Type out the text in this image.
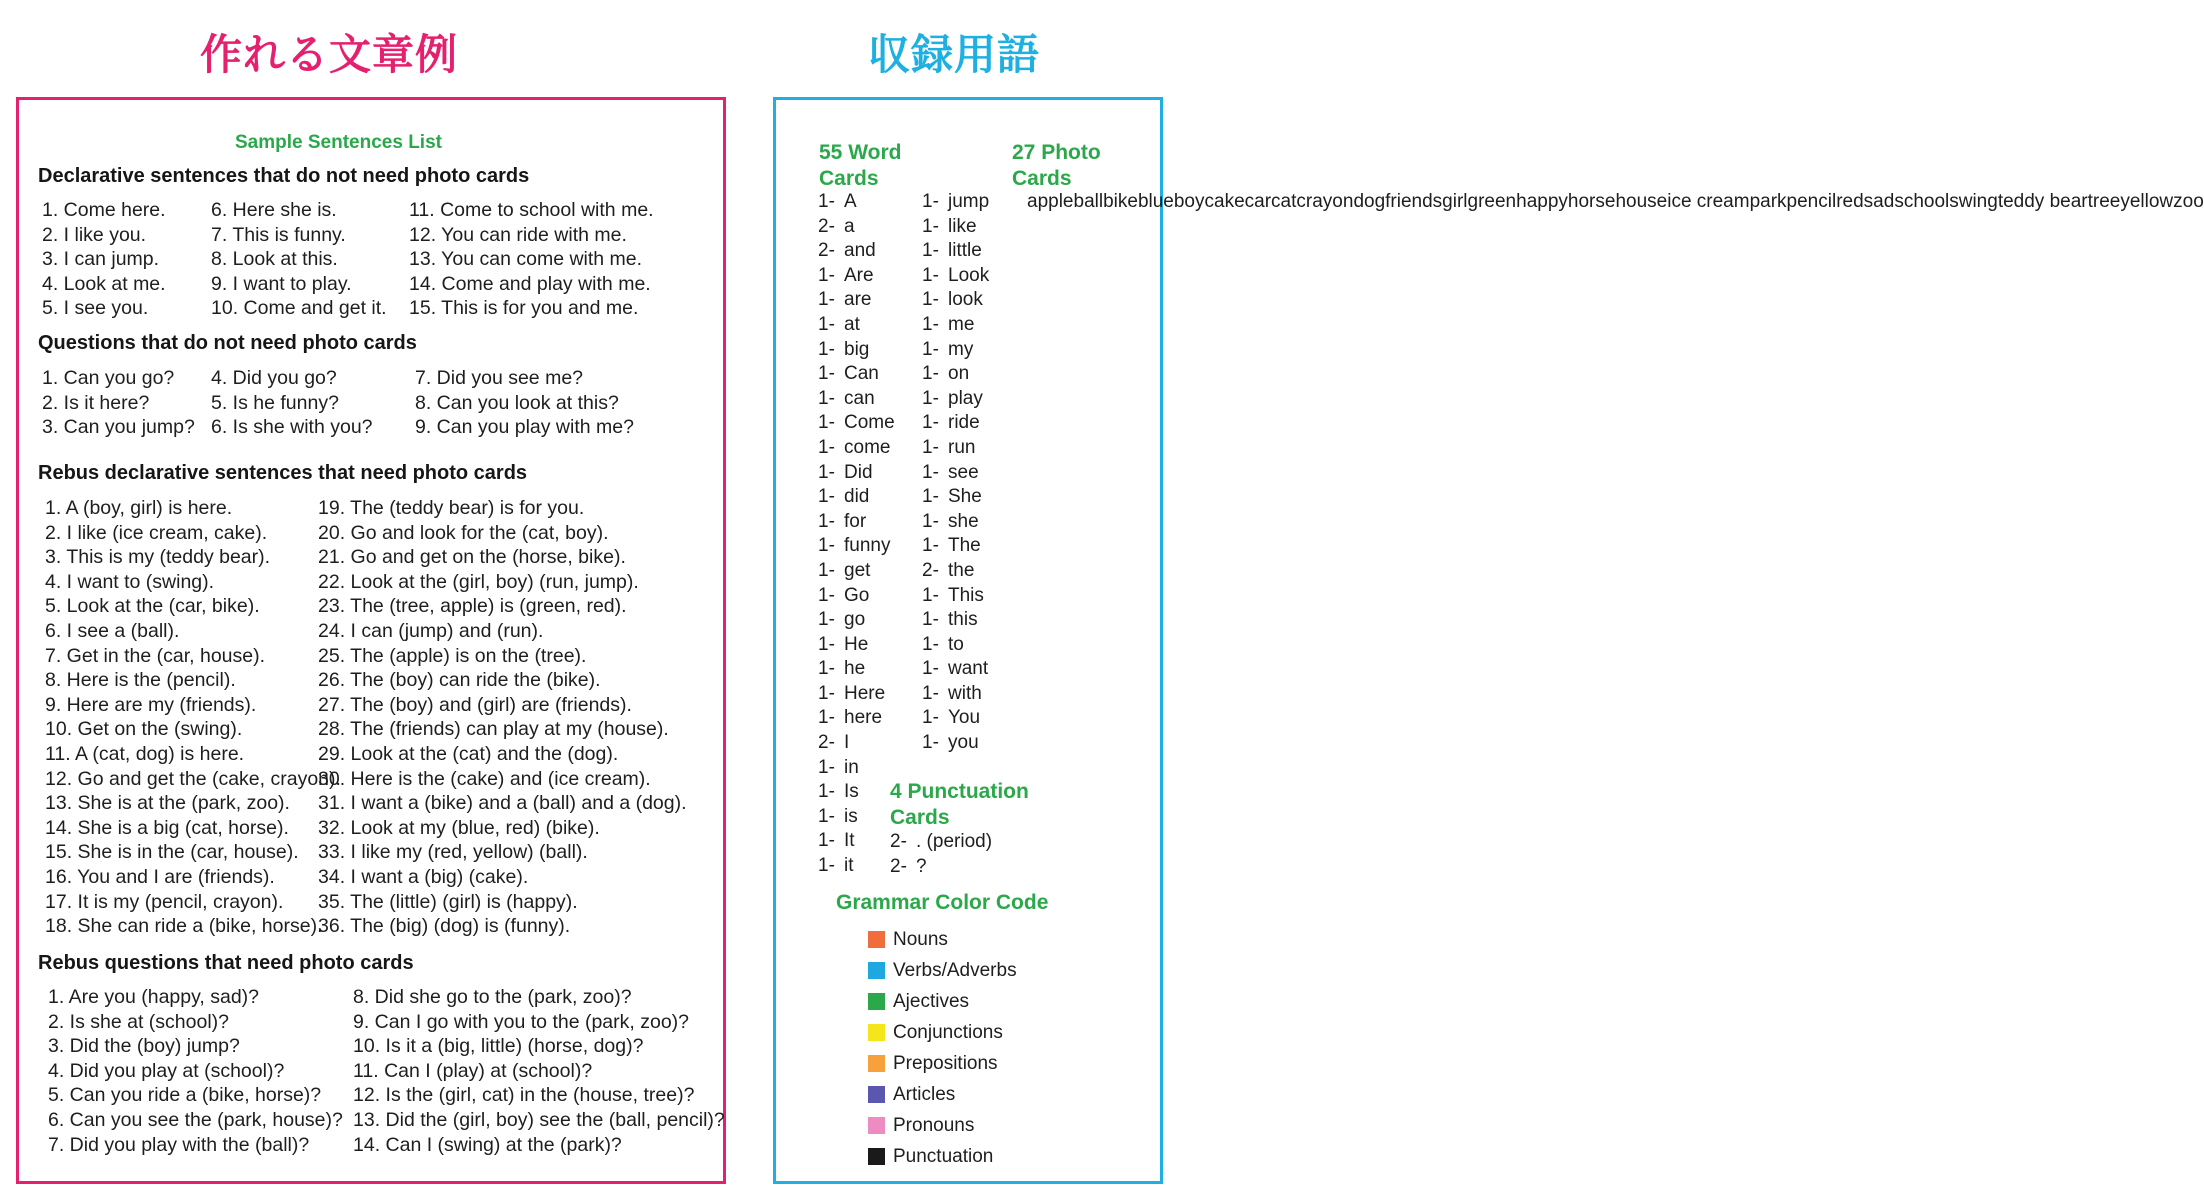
作れる文章例	収録用語
Sample Sentences List
Declarative sentences that do not need photo cards
1. Come here.
2. I like you.
3. I can jump.
4. Look at me.
5. I see you.
6. Here she is.
7. This is funny.
8. Look at this.
9. I want to play.
10. Come and get it.
11. Come to school with me.
12. You can ride with me.
13. You can come with me.
14. Come and play with me.
15. This is for you and me.
Questions that do not need photo cards
1. Can you go?
2. Is it here?
3. Can you jump?
4. Did you go?
5. Is he funny?
6. Is she with you?
7. Did you see me?
8. Can you look at this?
9. Can you play with me?
Rebus declarative sentences that need photo cards
1. A (boy, girl) is here.
2. I like (ice cream, cake).
3. This is my (teddy bear).
4. I want to (swing).
5. Look at the (car, bike).
6. I see a (ball).
7. Get in the (car, house).
8. Here is the (pencil).
9. Here are my (friends).
10. Get on the (swing).
11. A (cat, dog) is here.
12. Go and get the (cake, crayon).
13. She is at the (park, zoo).
14. She is a big (cat, horse).
15. She is in the (car, house).
16. You and I are (friends).
17. It is my (pencil, crayon).
18. She can ride a (bike, horse).
19. The (teddy bear) is for you.
20. Go and look for the (cat, boy).
21. Go and get on the (horse, bike).
22. Look at the (girl, boy) (run, jump).
23. The (tree, apple) is (green, red).
24. I can (jump) and (run).
25. The (apple) is on the (tree).
26. The (boy) can ride the (bike).
27. The (boy) and (girl) are (friends).
28. The (friends) can play at my (house).
29. Look at the (cat) and the (dog).
30. Here is the (cake) and (ice cream).
31. I want a (bike) and a (ball) and a (dog).
32. Look at my (blue, red) (bike).
33. I like my (red, yellow) (ball).
34. I want a (big) (cake).
35. The (little) (girl) is (happy).
36. The (big) (dog) is (funny).
Rebus questions that need photo cards
1. Are you (happy, sad)?
2. Is she at (school)?
3. Did the (boy) jump?
4. Did you play at (school)?
5. Can you ride a (bike, horse)?
6. Can you see the (park, house)?
7. Did you play with the (ball)?
8. Did she go to the (park, zoo)?
9. Can I go with you to the (park, zoo)?
10. Is it a (big, little) (horse, dog)?
11. Can I (play) at (school)?
12. Is the (girl, cat) in the (house, tree)?
13. Did the (girl, boy) see the (ball, pencil)?
14. Can I (swing) at the (park)?
55 Word
Cards
27 Photo
Cards
1- A
2- a
2- and
1- Are
1- are
1- at
1- big
1- Can
1- can
1- Come
1- come
1- Did
1- did
1- for
1- funny
1- get
1- Go
1- go
1- He
1- he
1- Here
1- here
2- I
1- in
1- Is
1- is
1- It
1- it
1- jump
1- like
1- little
1- Look
1- look
1- me
1- my
1- on
1- play
1- ride
1- run
1- see
1- She
1- she
1- The
2- the
1- This
1- this
1- to
1- want
1- with
1- You
1- you
appleballbikeblueboycakecarcatcrayondogfriendsgirlgreenhappyhorsehouseice creamparkpencilredsadschoolswingteddy beartreeyellowzoo
4 Punctuation
Cards
2- . (period)
2- ?
Grammar Color Code
Nouns
Verbs/Adverbs
Ajectives
Conjunctions
Prepositions
Articles
Pronouns
Punctuation
